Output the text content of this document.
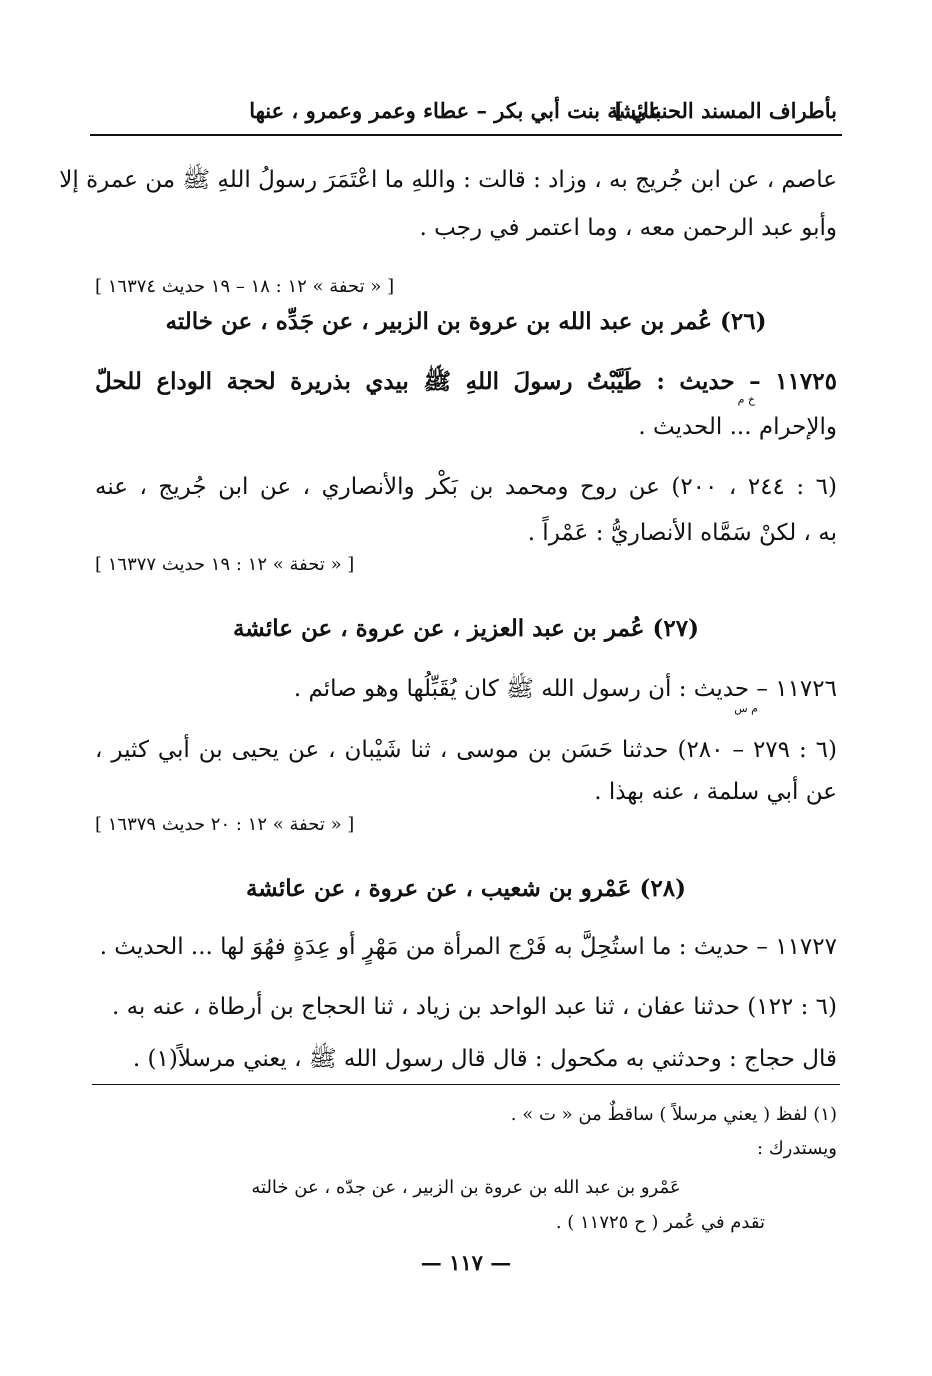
بأطراف المسند الحنبلي ]
عائشة بنت أبي بكر – عطاء وعمر وعمرو ، عنها
عاصم ، عن ابن جُريج به ، وزاد : قالت : واللهِ ما اعْتَمَرَ رسولُ اللهِ ﷺ من عمرة إلا
وأبو عبد الرحمن معه ، وما اعتمر في رجب .
[ « تحفة » ١٢ : ١٨ – ١٩ حديث ١٦٣٧٤ ]
(٢٦) عُمر بن عبد الله بن عروة بن الزبير ، عن جَدِّه ، عن خالته
١١٧٢٥ – حديث : طَيَّبْتُ رسولَ اللهِ ﷺ بيدي بذريرة لحجة الوداع للحلّ
خ م
والإحرام ... الحديث .
(٦ : ٢٤٤ ، ٢٠٠) عن روح ومحمد بن بَكْر والأنصاري ، عن ابن جُريج ، عنه
به ، لكنْ سَمَّاه الأنصاريُّ : عَمْراً .
[ « تحفة » ١٢ : ١٩ حديث ١٦٣٧٧ ]
(٢٧) عُمر بن عبد العزيز ، عن عروة ، عن عائشة
١١٧٢٦ – حديث : أن رسول الله ﷺ كان يُقَبِّلُها وهو صائم .
م س
(٦ : ٢٧٩ – ٢٨٠) حدثنا حَسَن بن موسى ، ثنا شَيْبان ، عن يحيى بن أبي كثير ،
عن أبي سلمة ، عنه بهذا .
[ « تحفة » ١٢ : ٢٠ حديث ١٦٣٧٩ ]
(٢٨) عَمْرو بن شعيب ، عن عروة ، عن عائشة
١١٧٢٧ – حديث : ما استُحِلَّ به فَرْج المرأة من مَهْرٍ أو عِدَةٍ فهُوَ لها ... الحديث .
(٦ : ١٢٢) حدثنا عفان ، ثنا عبد الواحد بن زياد ، ثنا الحجاج بن أرطاة ، عنه به .
قال حجاج : وحدثني به مكحول : قال قال رسول الله ﷺ ، يعني مرسلاً(١) .
(١) لفظ ( يعني مرسلاً ) ساقطٌ من « ت » .
ويستدرك :
عَمْرو بن عبد الله بن عروة بن الزبير ، عن جدّه ، عن خالته
تقدم في عُمر ( ح ١١٧٢٥ ) .
— ١١٧ —
